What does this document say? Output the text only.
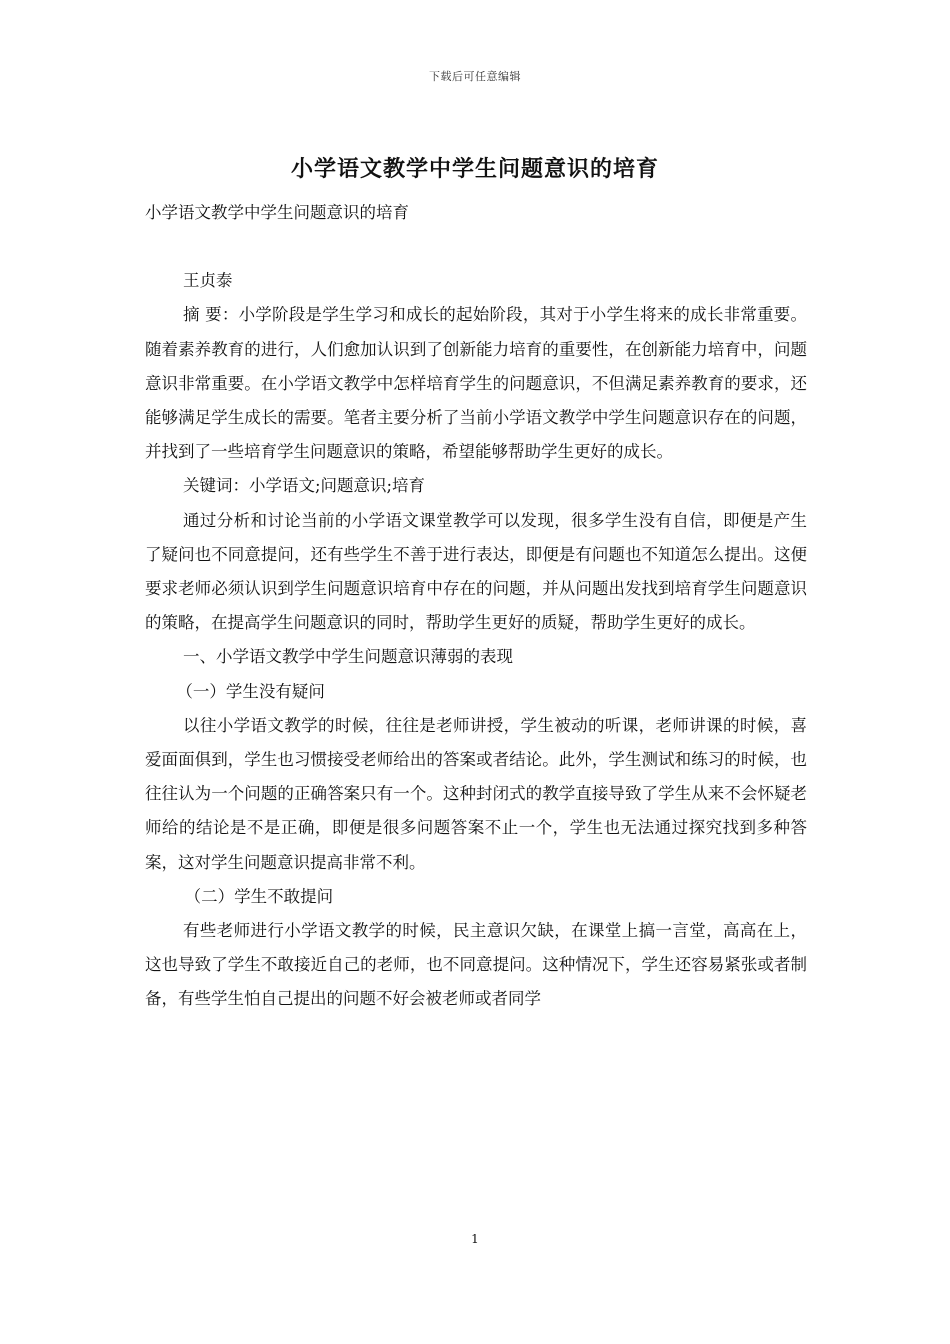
下载后可任意编辑
小学语文教学中学生问题意识的培育

小学语文教学中学生问题意识的培育

王贞泰

摘 要：小学阶段是学生学习和成长的起始阶段，其对于小学生将来的成长非常重要。随着素养教育的进行，人们愈加认识到了创新能力培育的重要性，在创新能力培育中，问题意识非常重要。在小学语文教学中怎样培育学生的问题意识，不但满足素养教育的要求，还能够满足学生成长的需要。笔者主要分析了当前小学语文教学中学生问题意识存在的问题，并找到了一些培育学生问题意识的策略，希望能够帮助学生更好的成长。

关键词：小学语文;问题意识;培育

通过分析和讨论当前的小学语文课堂教学可以发现，很多学生没有自信，即便是产生了疑问也不同意提问，还有些学生不善于进行表达，即便是有问题也不知道怎么提出。这便要求老师必须认识到学生问题意识培育中存在的问题，并从问题出发找到培育学生问题意识的策略，在提高学生问题意识的同时，帮助学生更好的质疑，帮助学生更好的成长。

一、小学语文教学中学生问题意识薄弱的表现

（一）学生没有疑问

以往小学语文教学的时候，往往是老师讲授，学生被动的听课，老师讲课的时候，喜爱面面俱到，学生也习惯接受老师给出的答案或者结论。此外，学生测试和练习的时候，也往往认为一个问题的正确答案只有一个。这种封闭式的教学直接导致了学生从来不会怀疑老师给的结论是不是正确，即便是很多问题答案不止一个，学生也无法通过探究找到多种答案，这对学生问题意识提高非常不利。

（二）学生不敢提问

有些老师进行小学语文教学的时候，民主意识欠缺，在课堂上搞一言堂，高高在上，这也导致了学生不敢接近自己的老师，也不同意提问。这种情况下，学生还容易紧张或者制备，有些学生怕自己提出的问题不好会被老师或者同学

1
